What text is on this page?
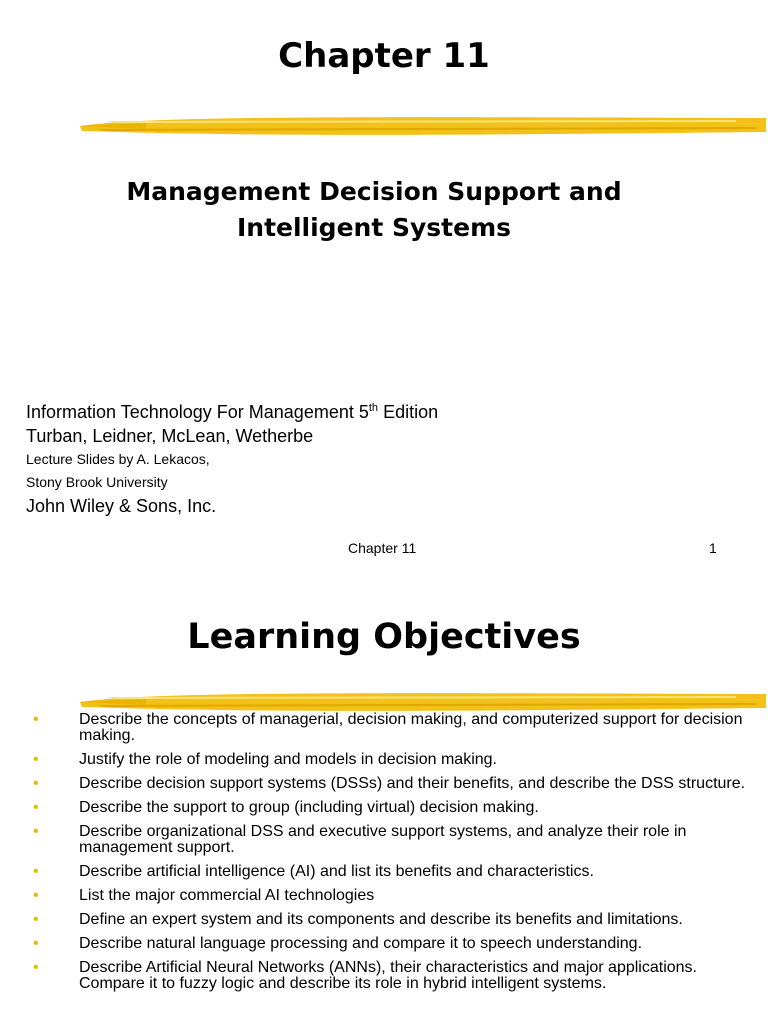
Chapter 11
Management Decision Support and
Intelligent Systems
Information Technology For Management 5th Edition
Turban, Leidner, McLean, Wetherbe
Lecture Slides by A. Lekacos,
Stony Brook University
John Wiley & Sons, Inc.
Chapter 11	1
Learning Objectives
•	Describe the concepts of managerial, decision making, and computerized support for decision making.
•	Justify the role of modeling and models in decision making.
•	Describe decision support systems (DSSs) and their benefits, and describe the DSS structure.
•	Describe the support to group (including virtual) decision making.
•	Describe organizational DSS and executive support systems, and analyze their role in management support.
•	Describe artificial intelligence (AI) and list its benefits and characteristics.
•	List the major commercial AI technologies
•	Define an expert system and its components and describe its benefits and limitations.
•	Describe natural language processing and compare it to speech understanding.
•	Describe Artificial Neural Networks (ANNs), their characteristics and major applications. Compare it to fuzzy logic and describe its role in hybrid intelligent systems.
